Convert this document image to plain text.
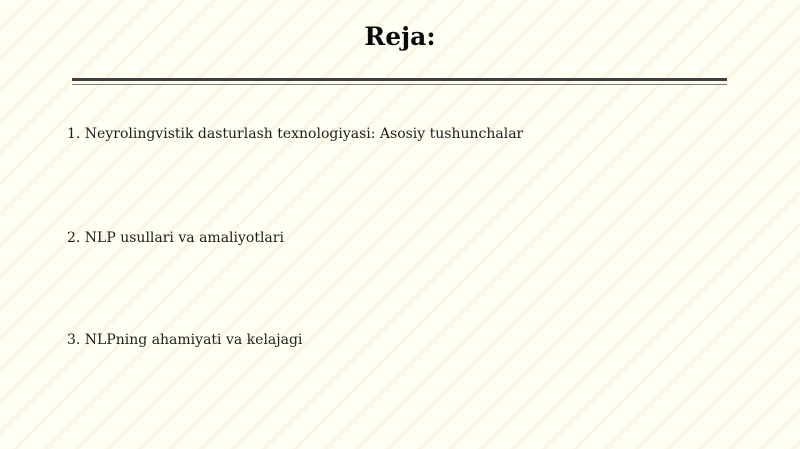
Reja:
1. Neyrolingvistik dasturlash texnologiyasi: Asosiy tushunchalar
2. NLP usullari va amaliyotlari
3. NLPning ahamiyati va kelajagi
